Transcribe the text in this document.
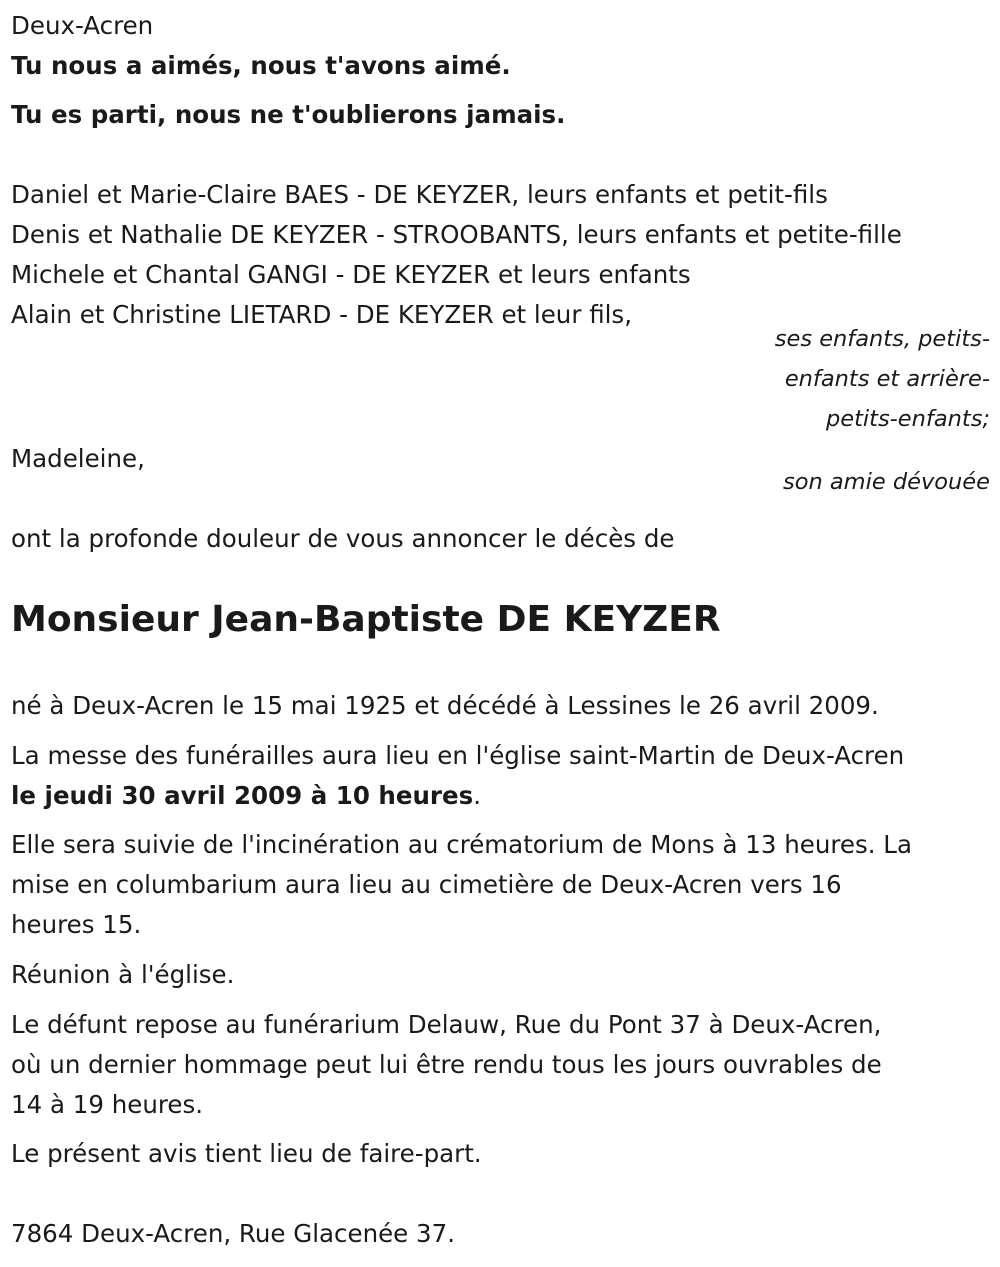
Deux-Acren
Tu nous a aimés, nous t'avons aimé.
Tu es parti, nous ne t'oublierons jamais.
Daniel et Marie-Claire BAES - DE KEYZER, leurs enfants et petit-fils
Denis et Nathalie DE KEYZER - STROOBANTS, leurs enfants et petite-fille
Michele et Chantal GANGI - DE KEYZER et leurs enfants
Alain et Christine LIETARD - DE KEYZER et leur fils,
ses enfants, petits-
enfants et arrière-
petits-enfants;
Madeleine,
son amie dévouée
ont la profonde douleur de vous annoncer le décès de
Monsieur Jean-Baptiste DE KEYZER
né à Deux-Acren le 15 mai 1925 et décédé à Lessines le 26 avril 2009.
La messe des funérailles aura lieu en l'église saint-Martin de Deux-Acren
le jeudi 30 avril 2009 à 10 heures.
Elle sera suivie de l'incinération au crématorium de Mons à 13 heures. La
mise en columbarium aura lieu au cimetière de Deux-Acren vers 16
heures 15.
Réunion à l'église.
Le défunt repose au funérarium Delauw, Rue du Pont 37 à Deux-Acren,
où un dernier hommage peut lui être rendu tous les jours ouvrables de
14 à 19 heures.
Le présent avis tient lieu de faire-part.
7864 Deux-Acren, Rue Glacenée 37.
